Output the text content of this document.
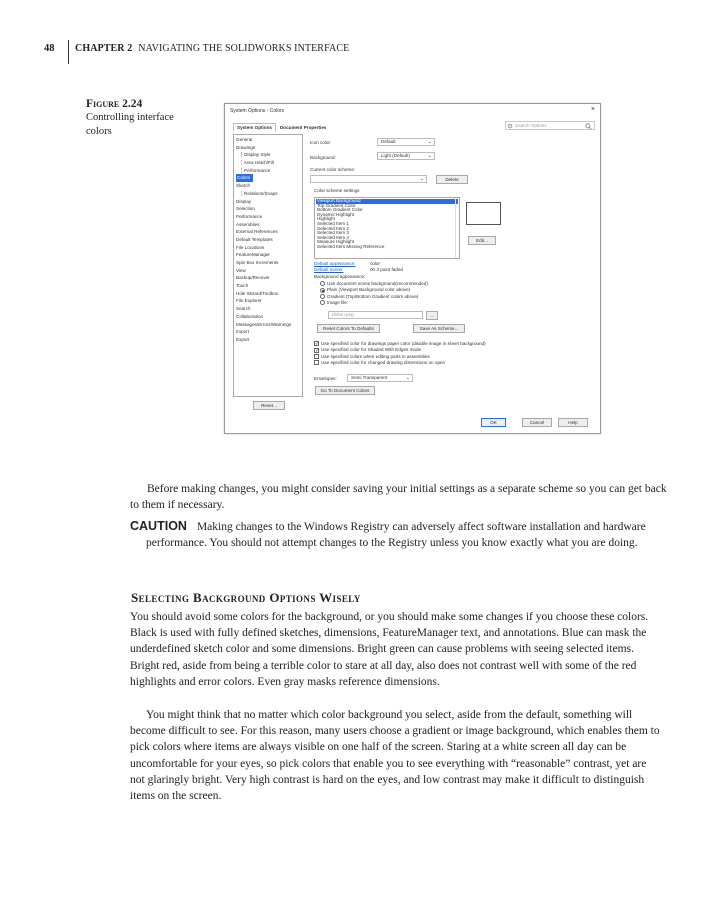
48 CHAPTER 2 NAVIGATING THE SOLIDWORKS INTERFACE
Figure 2.24
Controlling interface colors
System Options - Colors	×
System Options Document Properties	Search Options
General
Drawings
┊ Display Style
┊ Area Hatch/Fill
┊ Performance
Colors
Sketch
┊ Relations/Snaps
Display
Selection
Performance
Assemblies
External References
Default Templates
File Locations
FeatureManager
Spin Box Increments
View
Backup/Recover
Touch
Hole Wizard/Toolbox
File Explorer
Search
Collaboration
Messages/Errors/Warnings
Import
Export
Reset...
Icon color:	Default	⌄
Background:	Light (Default)	⌄
Current color scheme:
⌄	Delete
Color scheme settings
Viewport Background
Top Gradient Color
Bottom Gradient Color
Dynamic Highlight
Highlight
Selected Item 1
Selected Item 2
Selected Item 3
Selected Item 4
Measure Highlight
Selected Item Missing Reference
Edit...
Default appearance:	color
Default scene:	00 3 point faded
Background appearance:
Use document scene background(recommended)
Plain (Viewport Background color above)
Gradient (Top/Bottom Gradient colors above)
Image file:
ribbon.png	...
Reset Colors To Defaults	Save As Scheme...
✓ Use specified color for drawings paper color (disable image in sheet background)
✓ Use specified color for Shaded With Edges mode
Use specified colors when editing parts in assemblies
Use specified color for changed drawing dimensions on open
Envelopes:	Semi Transparent	⌄
Go To Document Colors
OK	Cancel	Help
Before making changes, you might consider saving your initial settings as a separate scheme so you can get back to them if necessary.
CAUTION Making changes to the Windows Registry can adversely affect software installation and hardware performance. You should not attempt changes to the Registry unless you know exactly what you are doing.
Selecting Background Options Wisely
You should avoid some colors for the background, or you should make some changes if you choose these colors. Black is used with fully defined sketches, dimensions, FeatureManager text, and annotations. Blue can mask the underdefined sketch color and some dimensions. Bright green can cause problems with seeing selected items. Bright red, aside from being a terrible color to stare at all day, also does not contrast well with some of the red highlights and error colors. Even gray masks reference dimensions.
You might think that no matter which color background you select, aside from the default, something will become difficult to see. For this reason, many users choose a gradient or image background, which enables them to pick colors where items are always visible on one half of the screen. Staring at a white screen all day can be uncomfortable for your eyes, so pick colors that enable you to see everything with “reasonable” contrast, yet are not glaringly bright. Very high contrast is hard on the eyes, and low contrast may make it difficult to distinguish items on the screen.
